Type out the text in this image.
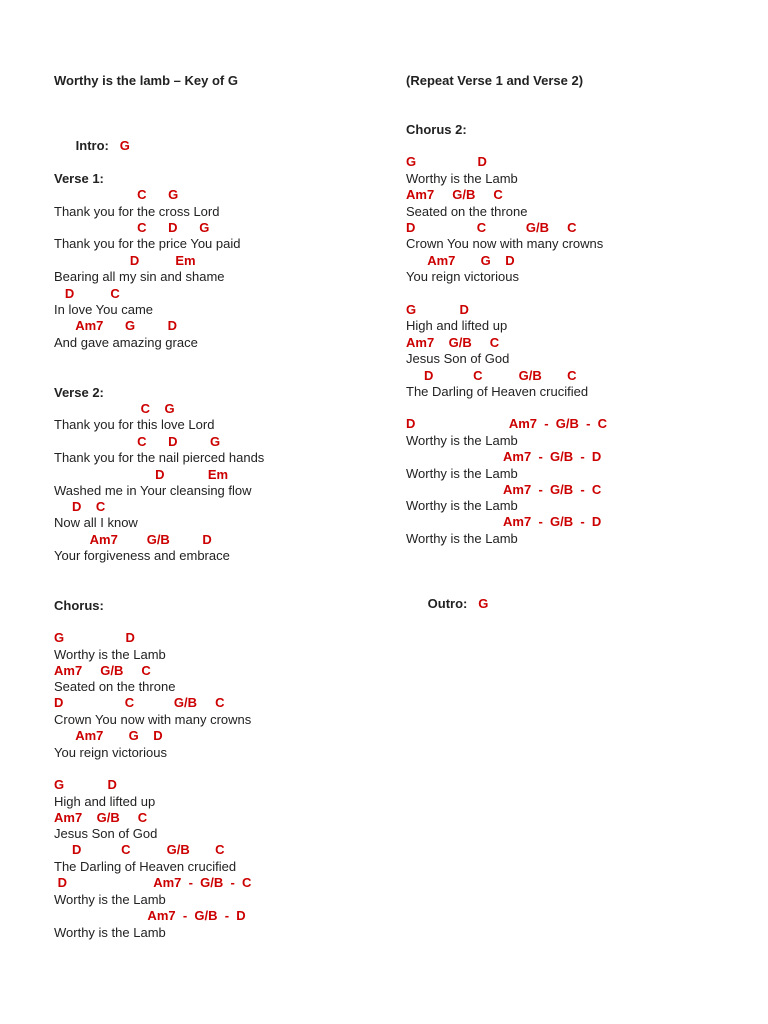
Worthy is the lamb – Key of G

Intro: G

Verse 1:
C      G
Thank you for the cross Lord
C      D      G
Thank you for the price You paid
D          Em
Bearing all my sin and shame
D          C
In love You came
Am7      G         D
And gave amazing grace
Verse 2:
C    G
Thank you for this love Lord
C      D         G
Thank you for the nail pierced hands
D            Em
Washed me in Your cleansing flow
D    C
Now all I know
Am7        G/B         D
Your forgiveness and embrace
Chorus:
G                 D
Worthy is the Lamb
Am7     G/B     C
Seated on the throne
D                 C           G/B     C
Crown You now with many crowns
Am7       G    D
You reign victorious
G            D
High and lifted up
Am7    G/B     C
Jesus Son of God
D           C          G/B       C
The Darling of Heaven crucified
D                        Am7  -  G/B  -  C
Worthy is the Lamb
Am7  -  G/B  -  D
Worthy is the Lamb
(Repeat Verse 1 and Verse 2)
Chorus 2:
G                 D
Worthy is the Lamb
Am7     G/B     C
Seated on the throne
D                 C           G/B     C
Crown You now with many crowns
Am7       G    D
You reign victorious
G            D
High and lifted up
Am7    G/B     C
Jesus Son of God
D           C          G/B       C
The Darling of Heaven crucified
D                          Am7  -  G/B  -  C
Worthy is the Lamb
Am7  -  G/B  -  D
Worthy is the Lamb
Am7  -  G/B  -  C
Worthy is the Lamb
Am7  -  G/B  -  D
Worthy is the Lamb

Outro: G
